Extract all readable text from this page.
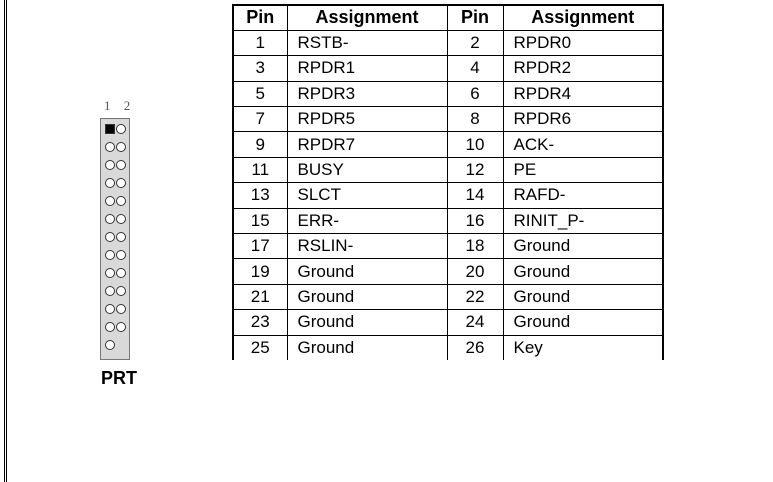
1 2
PRT
Pin	Assignment	Pin	Assignment
1	RSTB-	2	RPDR0
3	RPDR1	4	RPDR2
5	RPDR3	6	RPDR4
7	RPDR5	8	RPDR6
9	RPDR7	10	ACK-
11	BUSY	12	PE
13	SLCT	14	RAFD-
15	ERR-	16	RINIT_P-
17	RSLIN-	18	Ground
19	Ground	20	Ground
21	Ground	22	Ground
23	Ground	24	Ground
25	Ground	26	Key
